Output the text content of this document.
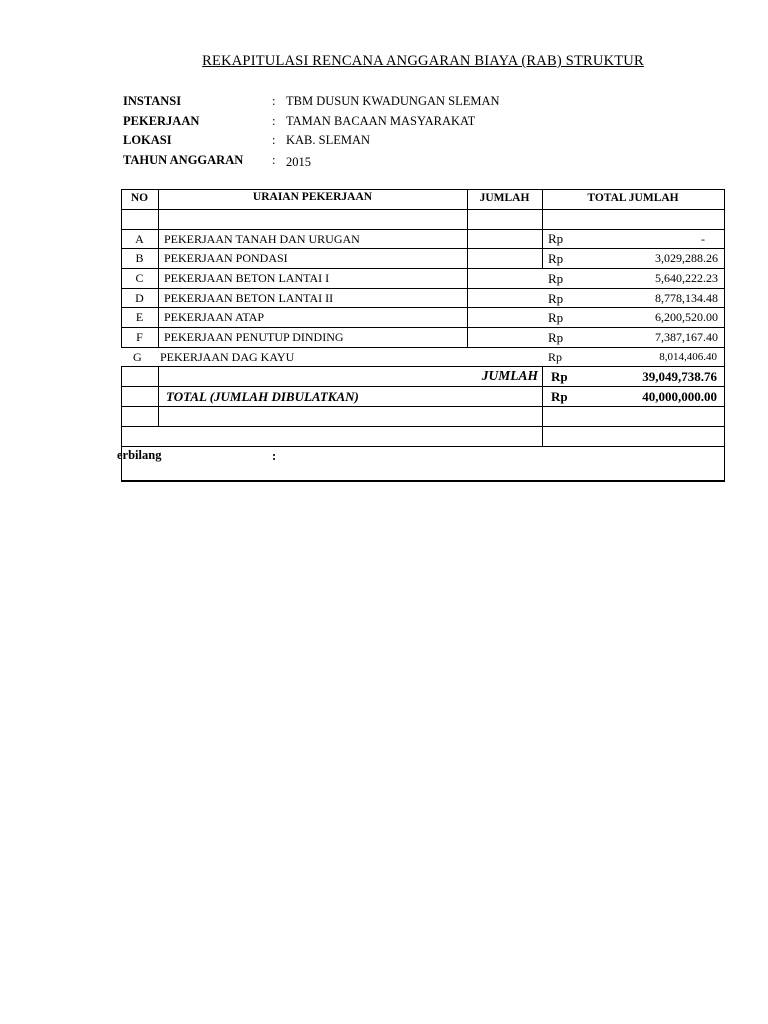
REKAPITULASI RENCANA ANGGARAN BIAYA (RAB) STRUKTUR
INSTANSI	: TBM DUSUN KWADUNGAN SLEMAN
PEKERJAAN	: TAMAN BACAAN MASYARAKAT
LOKASI	: KAB. SLEMAN
TAHUN ANGGARAN : 2015
NO	URAIAN PEKERJAAN	JUMLAH	TOTAL JUMLAH
A	PEKERJAAN TANAH DAN URUGAN	Rp	-
B	PEKERJAAN PONDASI	Rp	3,029,288.26
C	PEKERJAAN BETON LANTAI I	Rp	5,640,222.23
D	PEKERJAAN BETON LANTAI II	Rp	8,778,134.48
E	PEKERJAAN ATAP	Rp	6,200,520.00
F	PEKERJAAN PENUTUP DINDING	Rp	7,387,167.40
G PEKERJAAN DAG KAYU	Rp	8,014,406.40
JUMLAH Rp	39,049,738.76
TOTAL (JUMLAH DIBULATKAN)	Rp	40,000,000.00
erbilang	:
